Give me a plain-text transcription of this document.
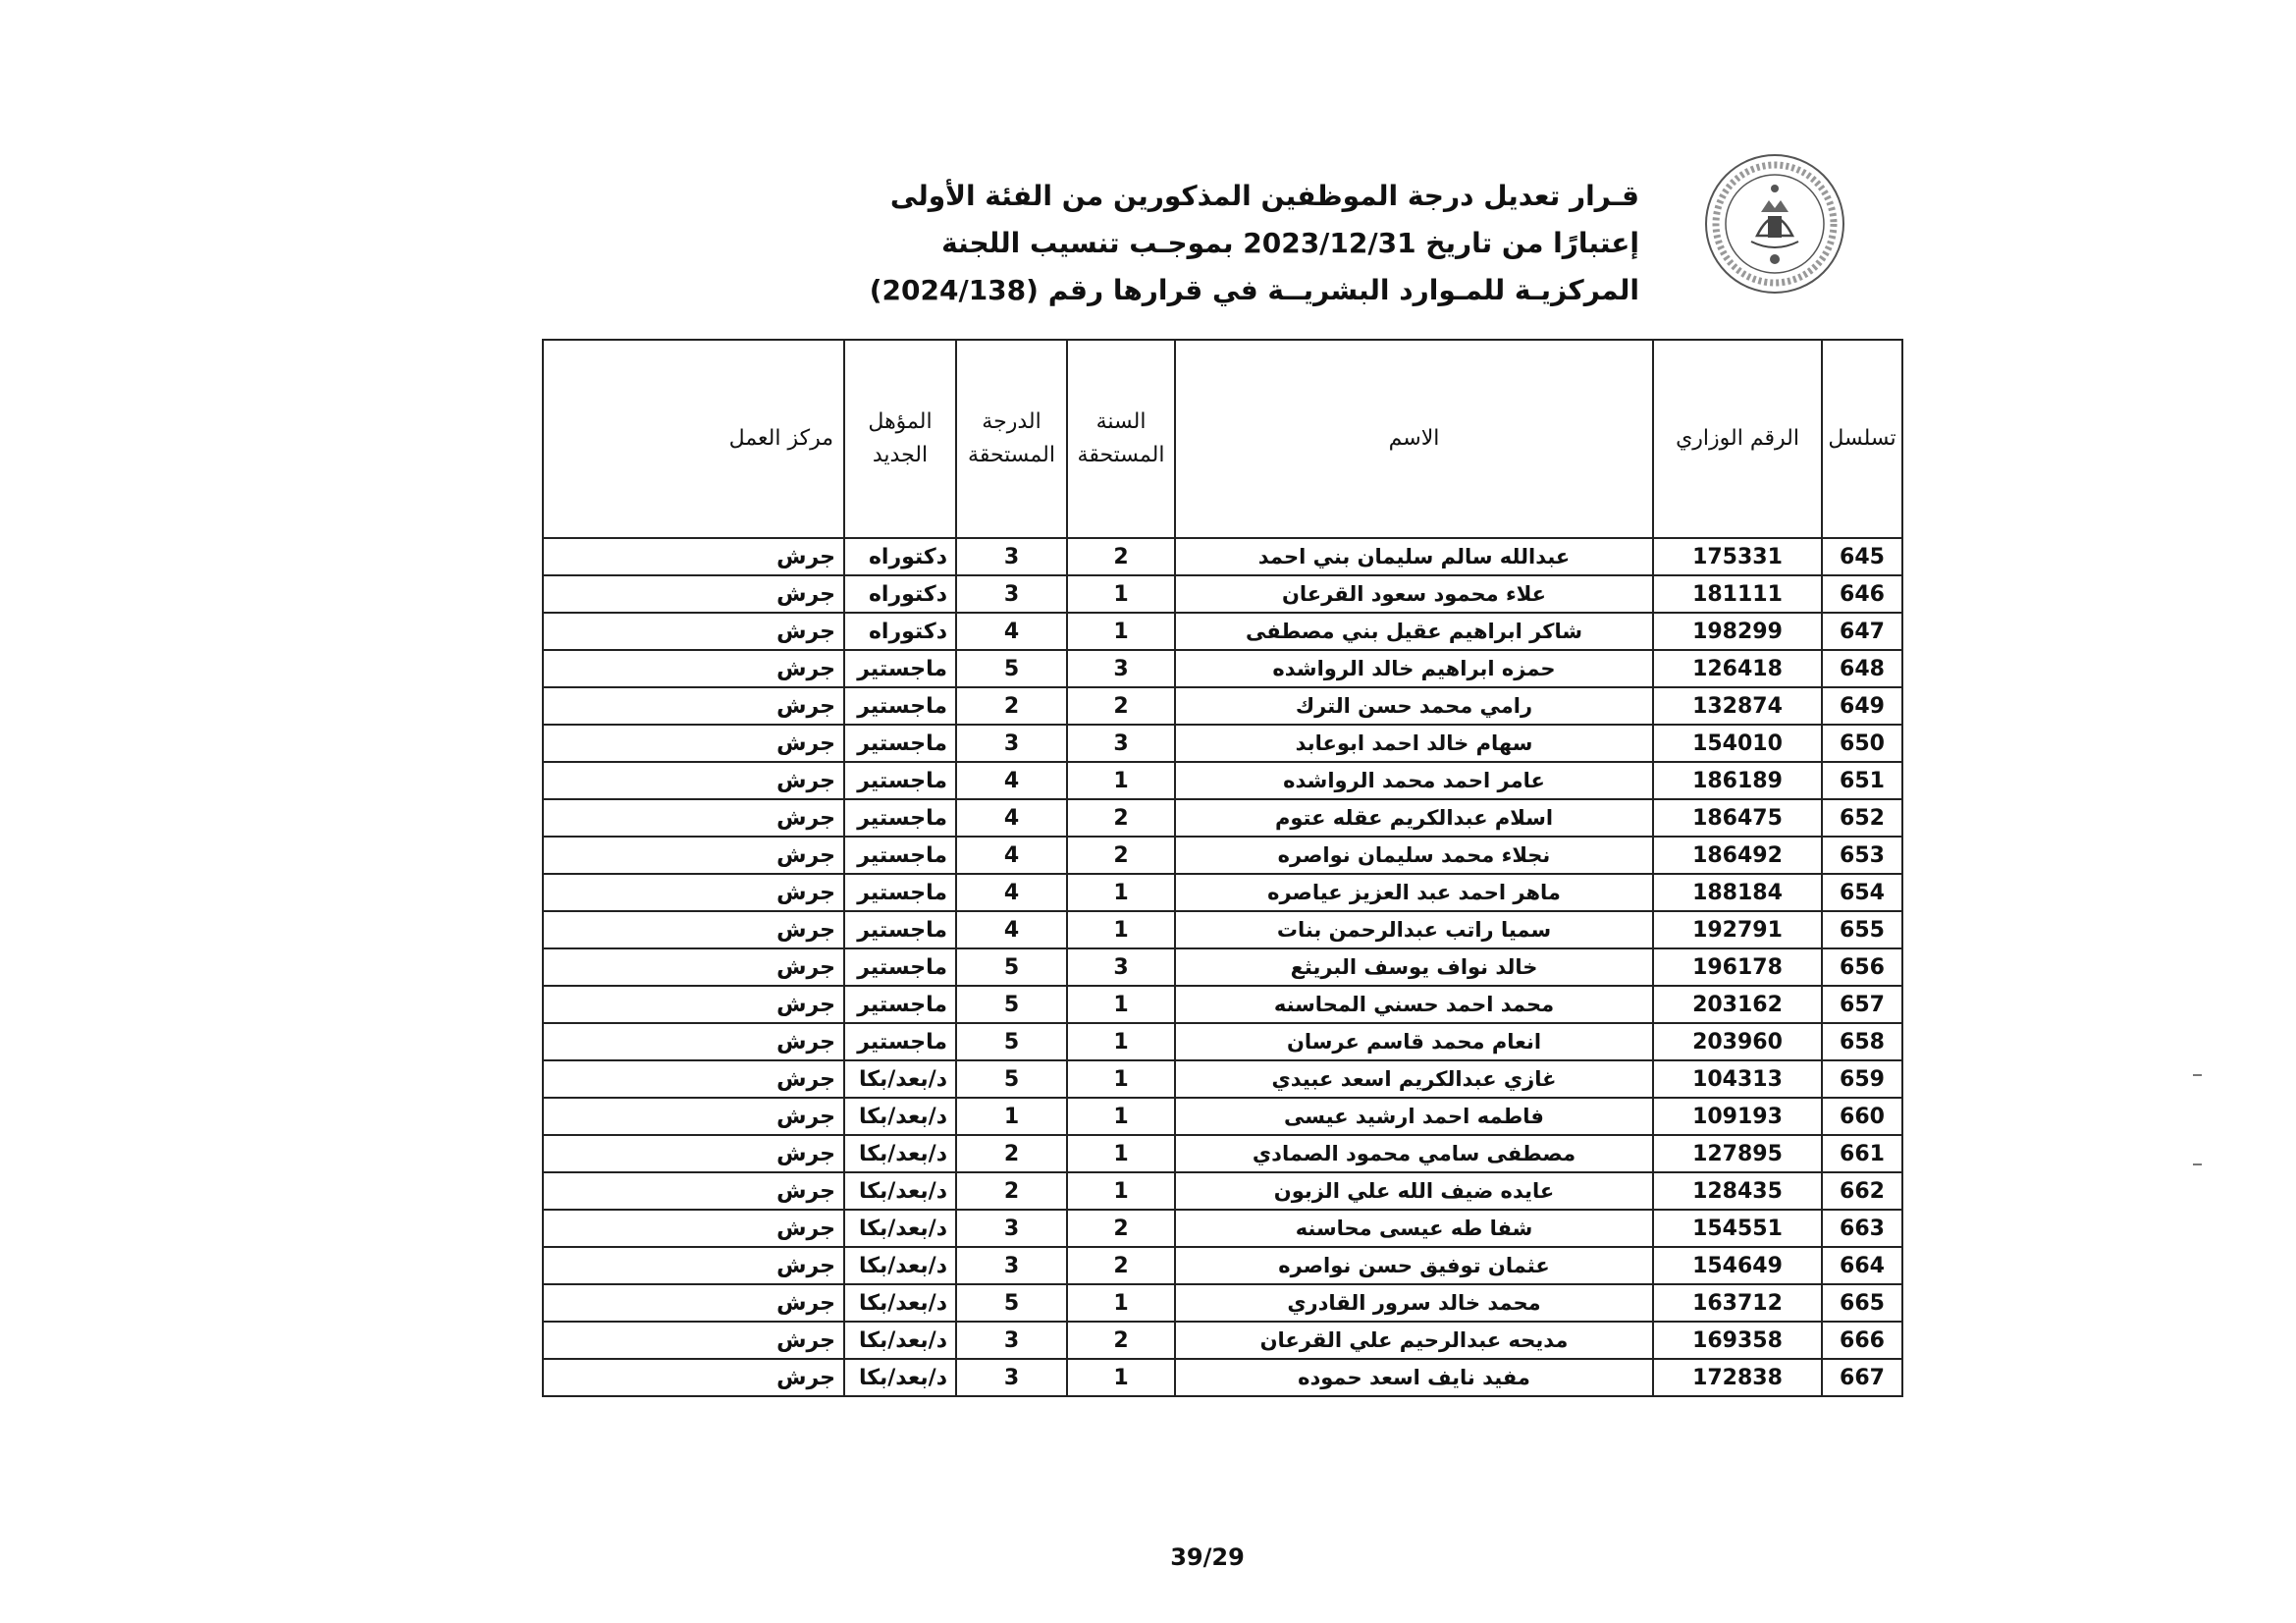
قـرار تعديل درجة الموظفين المذكورين من الفئة الأولى
إعتبارًا من تاريخ 2023/12/31 بموجـب تنسيب اللجنة
المركزيـة للمـوارد البشريــة في قرارها رقم (2024/138)
تسلسل	الرقم الوزاري	الاسم	السنة المستحقة	الدرجة المستحقة	المؤهل الجديد	مركز العمل
645	175331	عبدالله سالم سليمان بني احمد	2	3	دكتوراه	جرش
646	181111	علاء محمود سعود القرعان	1	3	دكتوراه	جرش
647	198299	شاكر ابراهيم عقيل بني مصطفى	1	4	دكتوراه	جرش
648	126418	حمزه ابراهيم خالد الرواشده	3	5	ماجستير	جرش
649	132874	رامي محمد حسن الترك	2	2	ماجستير	جرش
650	154010	سهام خالد احمد ابوعابد	3	3	ماجستير	جرش
651	186189	عامر احمد محمد الرواشده	1	4	ماجستير	جرش
652	186475	اسلام عبدالكريم عقله عتوم	2	4	ماجستير	جرش
653	186492	نجلاء محمد سليمان نواصره	2	4	ماجستير	جرش
654	188184	ماهر احمد عبد العزيز عياصره	1	4	ماجستير	جرش
655	192791	سميا راتب عبدالرحمن بنات	1	4	ماجستير	جرش
656	196178	خالد نواف يوسف البريثع	3	5	ماجستير	جرش
657	203162	محمد احمد حسني المحاسنه	1	5	ماجستير	جرش
658	203960	انعام محمد قاسم عرسان	1	5	ماجستير	جرش
659	104313	غازي عبدالكريم اسعد عبيدي	1	5	د/بعد/بكا	جرش
660	109193	فاطمه احمد ارشيد عيسى	1	1	د/بعد/بكا	جرش
661	127895	مصطفى سامي محمود الصمادي	1	2	د/بعد/بكا	جرش
662	128435	عايده ضيف الله علي الزبون	1	2	د/بعد/بكا	جرش
663	154551	شفا طه عيسى محاسنه	2	3	د/بعد/بكا	جرش
664	154649	عثمان توفيق حسن نواصره	2	3	د/بعد/بكا	جرش
665	163712	محمد خالد سرور القادري	1	5	د/بعد/بكا	جرش
666	169358	مديحه عبدالرحيم علي القرعان	2	3	د/بعد/بكا	جرش
667	172838	مفيد نايف اسعد حموده	1	3	د/بعد/بكا	جرش
39/29
